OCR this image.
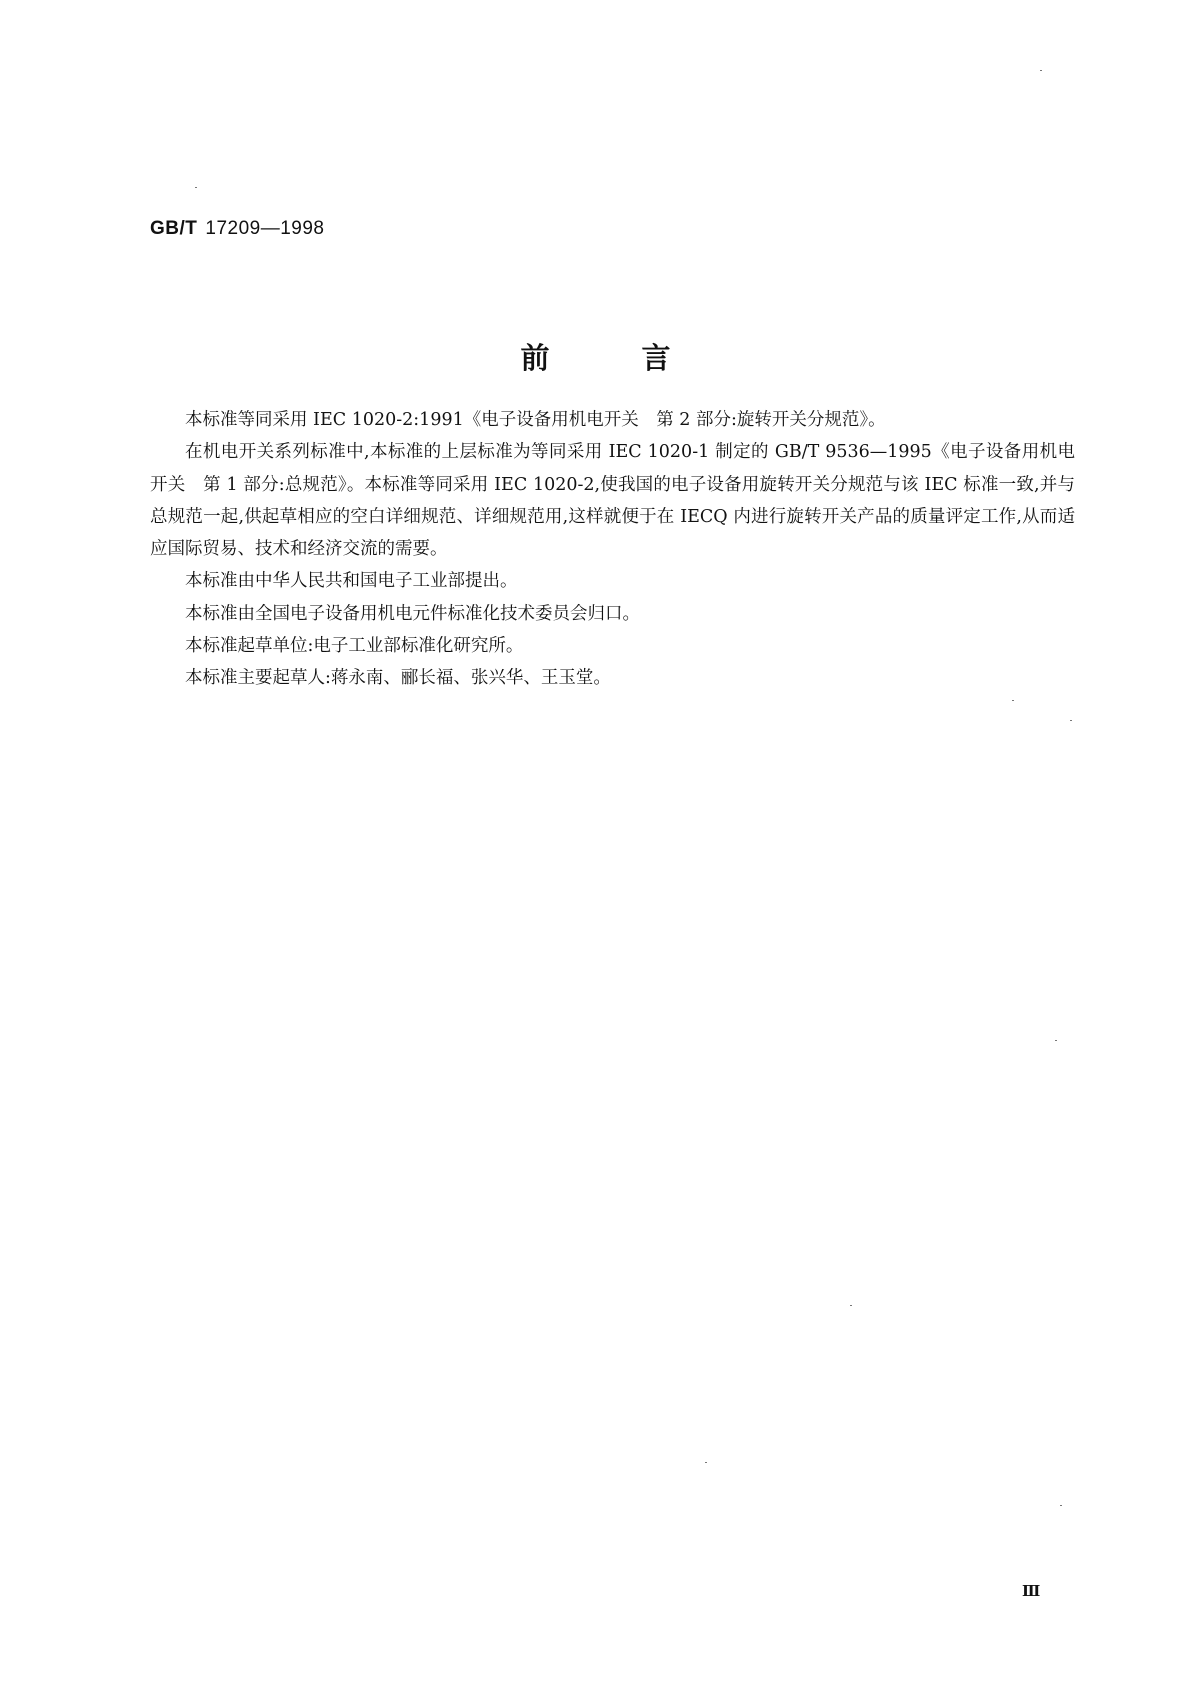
GB/T 17209—1998
前言

本标准等同采用 IEC 1020-2:1991《电子设备用机电开关　第 2 部分:旋转开关分规范》。

在机电开关系列标准中,本标准的上层标准为等同采用 IEC 1020-1 制定的 GB/T 9536—1995《电子设备用机电开关　第 1 部分:总规范》。本标准等同采用 IEC 1020-2,使我国的电子设备用旋转开关分规范与该 IEC 标准一致,并与总规范一起,供起草相应的空白详细规范、详细规范用,这样就便于在 IECQ 内进行旋转开关产品的质量评定工作,从而适应国际贸易、技术和经济交流的需要。

本标准由中华人民共和国电子工业部提出。

本标准由全国电子设备用机电元件标准化技术委员会归口。

本标准起草单位:电子工业部标准化研究所。

本标准主要起草人:蒋永南、郦长福、张兴华、王玉堂。

Ⅲ
